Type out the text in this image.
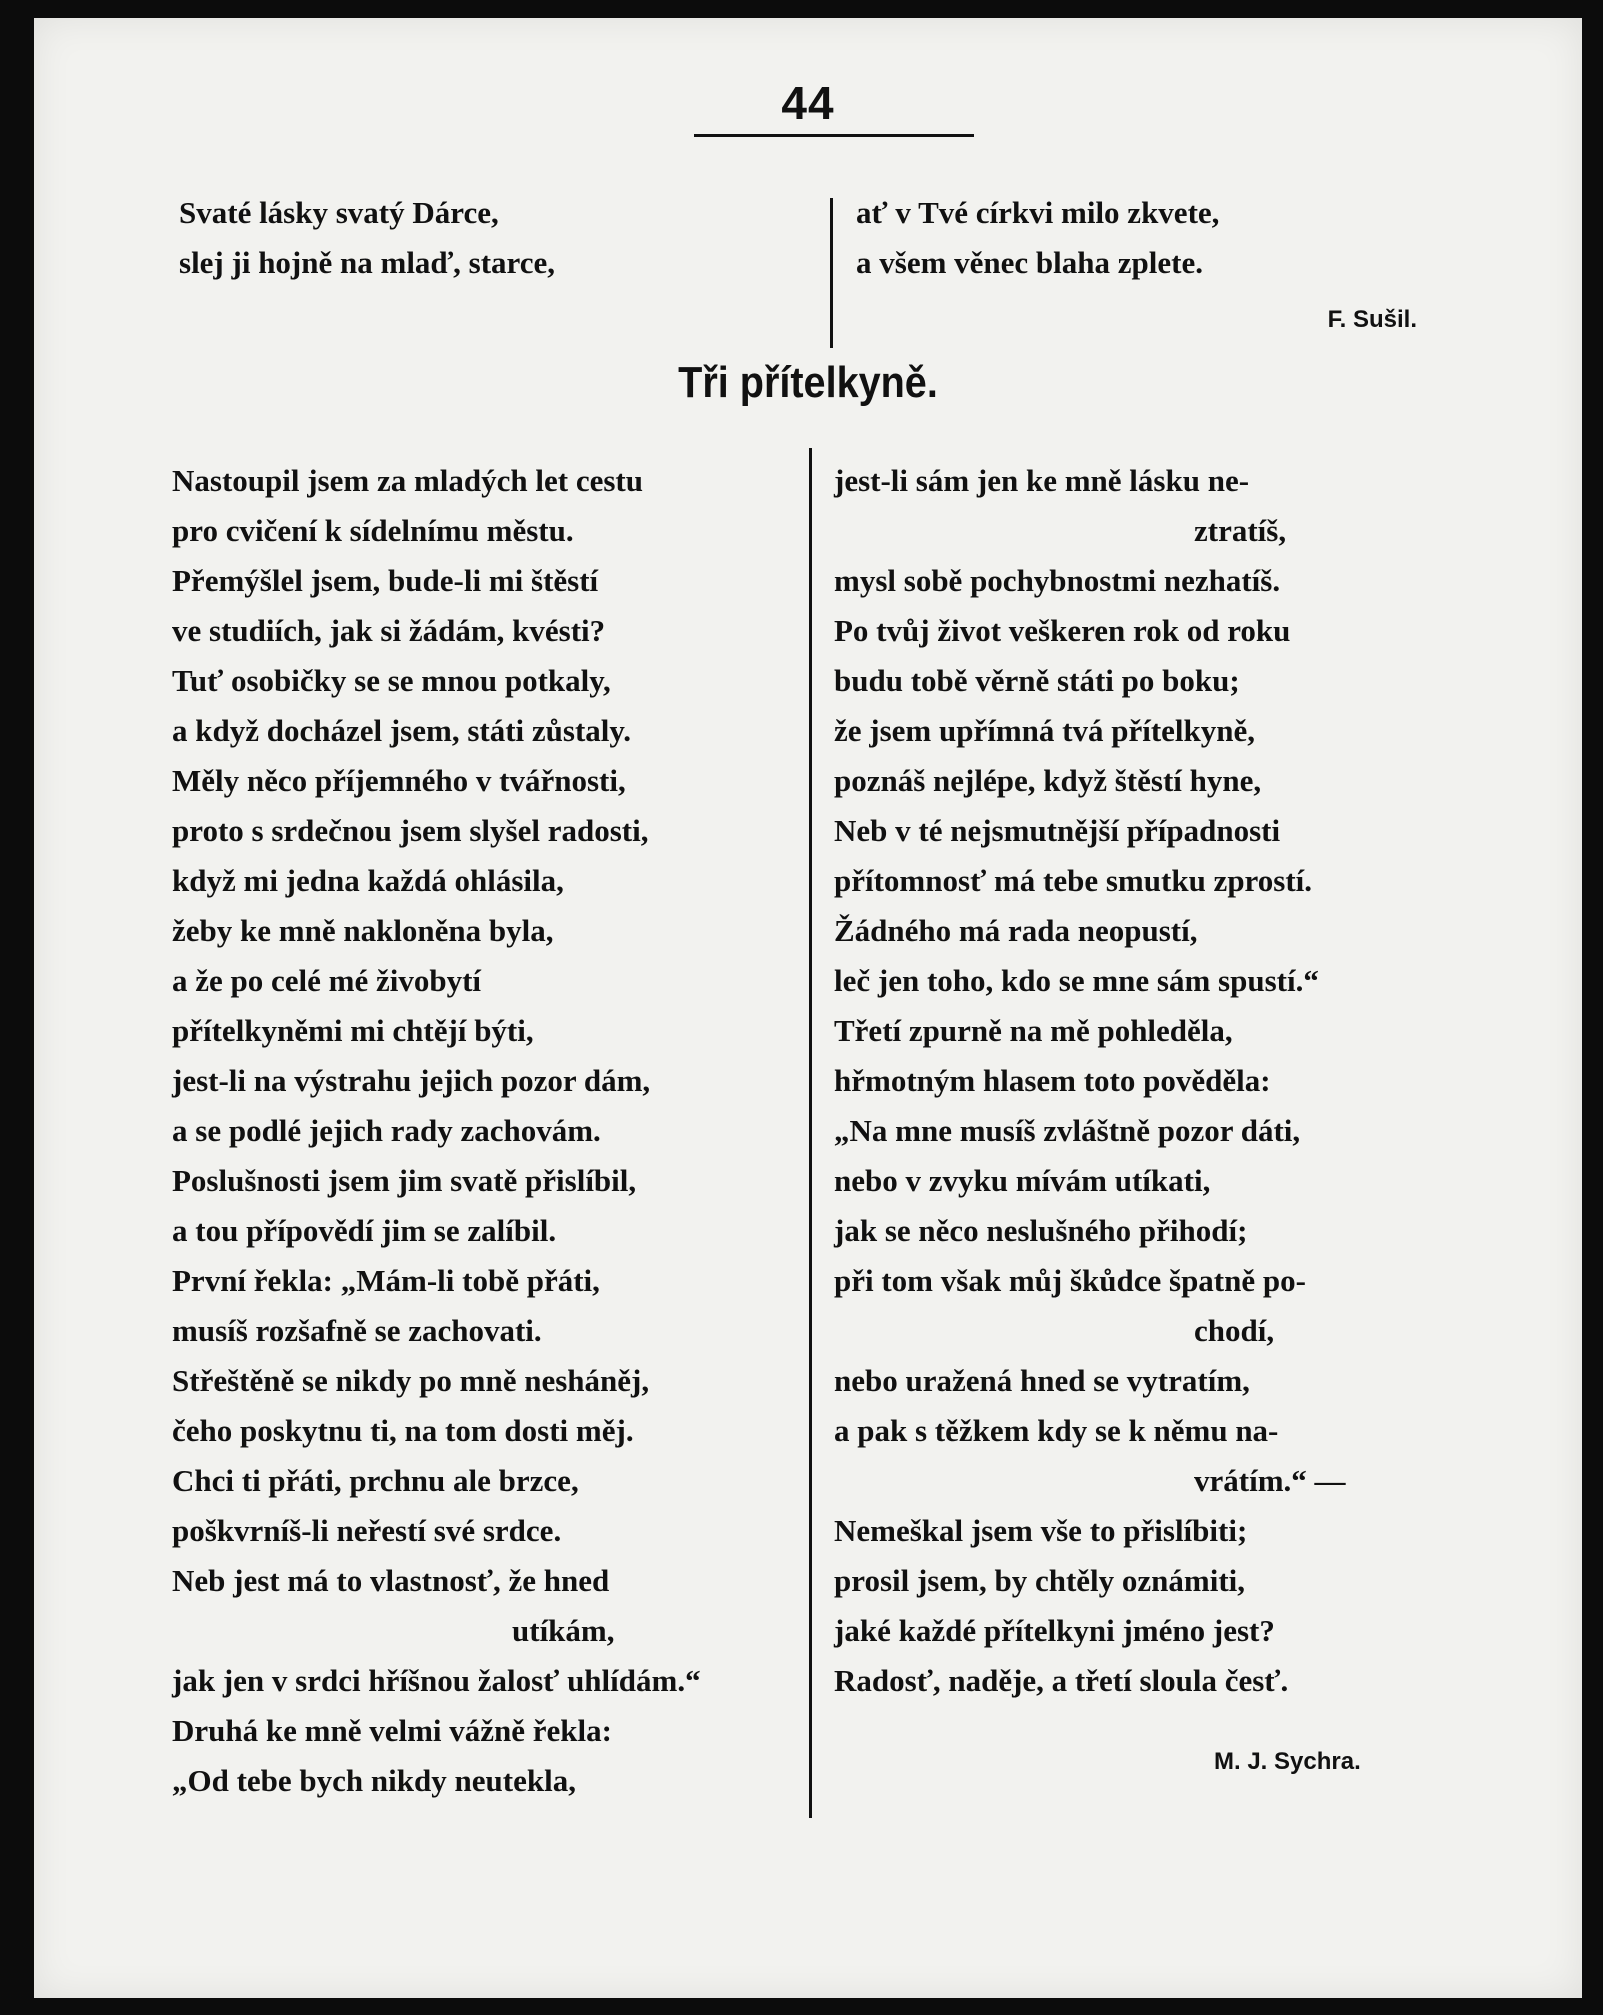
44
Svaté lásky svatý Dárce,
slej ji hojně na mlaď, starce,
ať v Tvé církvi milo zkvete,
a všem věnec blaha zplete.
F. Sušil.
Tři přítelkyně.
Nastoupil jsem za mladých let cestu
pro cvičení k sídelnímu městu.
Přemýšlel jsem, bude-li mi štěstí
ve studiích, jak si žádám, kvésti?
Tuť osobičky se se mnou potkaly,
a když docházel jsem, státi zůstaly.
Měly něco příjemného v tvářnosti,
proto s srdečnou jsem slyšel radosti,
když mi jedna každá ohlásila,
žeby ke mně nakloněna byla,
a že po celé mé živobytí
přítelkyněmi mi chtějí býti,
jest-li na výstrahu jejich pozor dám,
a se podlé jejich rady zachovám.
Poslušnosti jsem jim svatě přislíbil,
a tou přípovědí jim se zalíbil.
První řekla: „Mám-li tobě přáti,
musíš rozšafně se zachovati.
Střeštěně se nikdy po mně nesháněj,
čeho poskytnu ti, na tom dosti měj.
Chci ti přáti, prchnu ale brzce,
poškvrníš-li neřestí své srdce.
Neb jest má to vlastnosť, že hned
utíkám,
jak jen v srdci hříšnou žalosť uhlídám.“
Druhá ke mně velmi vážně řekla:
„Od tebe bych nikdy neutekla,
jest-li sám jen ke mně lásku ne-
ztratíš,
mysl sobě pochybnostmi nezhatíš.
Po tvůj život veškeren rok od roku
budu tobě věrně státi po boku;
že jsem upřímná tvá přítelkyně,
poznáš nejlépe, když štěstí hyne,
Neb v té nejsmutnější případnosti
přítomnosť má tebe smutku zprostí.
Žádného má rada neopustí,
leč jen toho, kdo se mne sám spustí.“
Třetí zpurně na mě pohleděla,
hřmotným hlasem toto pověděla:
„Na mne musíš zvláštně pozor dáti,
nebo v zvyku mívám utíkati,
jak se něco neslušného přihodí;
při tom však můj škůdce špatně po-
chodí,
nebo uražená hned se vytratím,
a pak s těžkem kdy se k němu na-
vrátím.“ —
Nemeškal jsem vše to přislíbiti;
prosil jsem, by chtěly oznámiti,
jaké každé přítelkyni jméno jest?
Radosť, naděje, a třetí sloula česť.
M. J. Sychra.
